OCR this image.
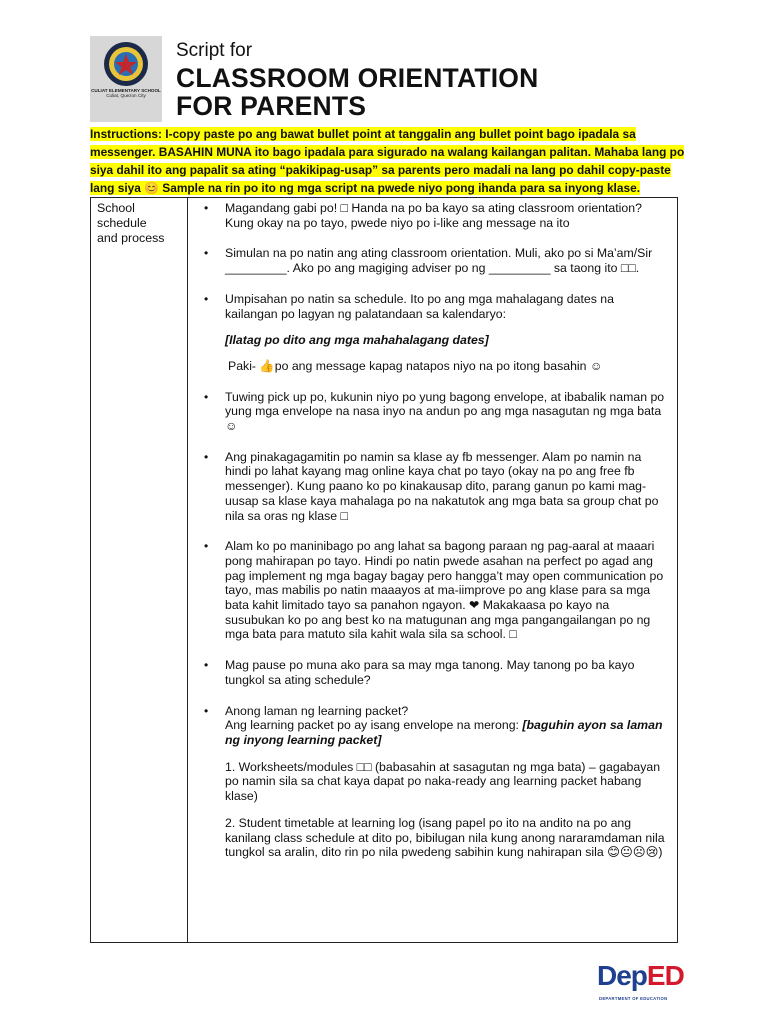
CULIAT ELEMENTARY SCHOOL
Culiat, Quezon City
Script for
CLASSROOM ORIENTATION
FOR PARENTS
Instructions: I-copy paste po ang bawat bullet point at tanggalin ang bullet point bago ipadala sa messenger. BASAHIN MUNA ito bago ipadala para sigurado na walang kailangan palitan. Mahaba lang po siya dahil ito ang papalit sa ating “pakikipag-usap” sa parents pero madali na lang po dahil copy-paste lang siya 😊 Sample na rin po ito ng mga script na pwede niyo pong ihanda para sa inyong klase.
School
schedule
and process

• Magandang gabi po! □ Handa na po ba kayo sa ating classroom orientation? Kung okay na po tayo, pwede niyo po i-like ang message na ito

• Simulan na po natin ang ating classroom orientation. Muli, ako po si Ma’am/Sir _________. Ako po ang magiging adviser po ng _________ sa taong ito □□.

• Umpisahan po natin sa schedule. Ito po ang mga mahalagang dates na kailangan po lagyan ng palatandaan sa kalendaryo:

[Ilatag po dito ang mga mahahalagang dates]

Paki- 👍po ang message kapag natapos niyo na po itong basahin ☺

• Tuwing pick up po, kukunin niyo po yung bagong envelope, at ibabalik naman po yung mga envelope na nasa inyo na andun po ang mga nasagutan ng mga bata ☺

• Ang pinakagagamitin po namin sa klase ay fb messenger. Alam po namin na hindi po lahat kayang mag online kaya chat po tayo (okay na po ang free fb messenger). Kung paano ko po kinakausap dito, parang ganun po kami mag-uusap sa klase kaya mahalaga po na nakatutok ang mga bata sa group chat po nila sa oras ng klase □

• Alam ko po maninibago po ang lahat sa bagong paraan ng pag-aaral at maaari pong mahirapan po tayo. Hindi po natin pwede asahan na perfect po agad ang pag implement ng mga bagay bagay pero hangga’t may open communication po tayo, mas mabilis po natin maaayos at ma-iimprove po ang klase para sa mga bata kahit limitado tayo sa panahon ngayon. ❤ Makakaasa po kayo na susubukan ko po ang best ko na matugunan ang mga pangangailangan po ng mga bata para matuto sila kahit wala sila sa school. □

• Mag pause po muna ako para sa may mga tanong. May tanong po ba kayo tungkol sa ating schedule?

• Anong laman ng learning packet?

Ang learning packet po ay isang envelope na merong: [baguhin ayon sa laman ng inyong learning packet]

1. Worksheets/modules □□ (babasahin at sasagutan ng mga bata) – gagabayan po namin sila sa chat kaya dapat po naka-ready ang learning packet habang klase)

2. Student timetable at learning log (isang papel po ito na andito na po ang kanilang class schedule at dito po, bibilugan nila kung anong nararamdaman nila tungkol sa aralin, dito rin po nila pwedeng sabihin kung nahirapan sila 😊😐☹😢)

DepED
DEPARTMENT OF EDUCATION
